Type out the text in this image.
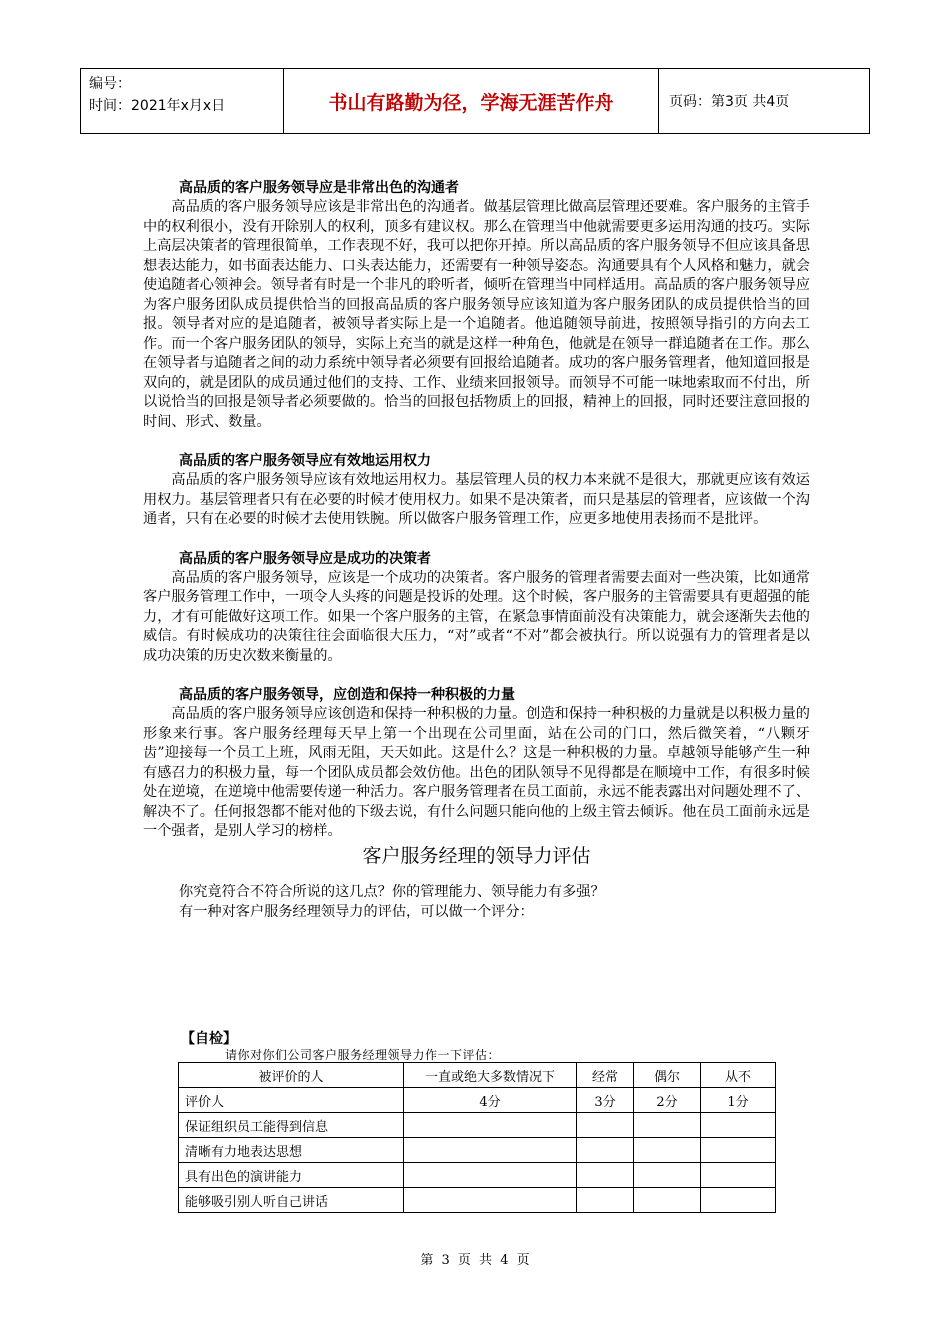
编号：
时间：2021年x月x日	书山有路勤为径，学海无涯苦作舟	页码：第3页 共4页

高品质的客户服务领导应是非常出色的沟通者

高品质的客户服务领导应该是非常出色的沟通者。做基层管理比做高层管理还要难。客户服务的主管手中的权利很小，没有开除别人的权利，顶多有建议权。那么在管理当中他就需要更多运用沟通的技巧。实际上高层决策者的管理很简单，工作表现不好，我可以把你开掉。所以高品质的客户服务领导不但应该具备思想表达能力，如书面表达能力、口头表达能力，还需要有一种领导姿态。沟通要具有个人风格和魅力，就会使追随者心领神会。领导者有时是一个非凡的聆听者，倾听在管理当中同样适用。高品质的客户服务领导应为客户服务团队成员提供恰当的回报高品质的客户服务领导应该知道为客户服务团队的成员提供恰当的回报。领导者对应的是追随者，被领导者实际上是一个追随者。他追随领导前进，按照领导指引的方向去工作。而一个客户服务团队的领导，实际上充当的就是这样一种角色，他就是在领导一群追随者在工作。那么在领导者与追随者之间的动力系统中领导者必须要有回报给追随者。成功的客户服务管理者，他知道回报是双向的，就是团队的成员通过他们的支持、工作、业绩来回报领导。而领导不可能一味地索取而不付出，所以说恰当的回报是领导者必须要做的。恰当的回报包括物质上的回报，精神上的回报，同时还要注意回报的时间、形式、数量。

高品质的客户服务领导应有效地运用权力

高品质的客户服务领导应该有效地运用权力。基层管理人员的权力本来就不是很大，那就更应该有效运用权力。基层管理者只有在必要的时候才使用权力。如果不是决策者，而只是基层的管理者，应该做一个沟通者，只有在必要的时候才去使用铁腕。所以做客户服务管理工作，应更多地使用表扬而不是批评。

高品质的客户服务领导应是成功的决策者

高品质的客户服务领导，应该是一个成功的决策者。客户服务的管理者需要去面对一些决策，比如通常客户服务管理工作中，一项令人头疼的问题是投诉的处理。这个时候，客户服务的主管需要具有更超强的能力，才有可能做好这项工作。如果一个客户服务的主管，在紧急事情面前没有决策能力，就会逐渐失去他的威信。有时候成功的决策往往会面临很大压力，“对”或者“不对”都会被执行。所以说强有力的管理者是以成功决策的历史次数来衡量的。

高品质的客户服务领导，应创造和保持一种积极的力量

高品质的客户服务领导应该创造和保持一种积极的力量。创造和保持一种积极的力量就是以积极力量的形象来行事。客户服务经理每天早上第一个出现在公司里面，站在公司的门口，然后微笑着，“八颗牙齿”迎接每一个员工上班，风雨无阻，天天如此。这是什么？这是一种积极的力量。卓越领导能够产生一种有感召力的积极力量，每一个团队成员都会效仿他。出色的团队领导不见得都是在顺境中工作，有很多时候处在逆境，在逆境中他需要传递一种活力。客户服务管理者在员工面前，永远不能表露出对问题处理不了、解决不了。任何报怨都不能对他的下级去说，有什么问题只能向他的上级主管去倾诉。他在员工面前永远是一个强者，是别人学习的榜样。

客户服务经理的领导力评估

你究竟符合不符合所说的这几点？你的管理能力、领导能力有多强？

有一种对客户服务经理领导力的评估，可以做一个评分：

【自检】
请你对你们公司客户服务经理领导力作一下评估：
被评价的人	一直或绝大多数情况下	经常	偶尔	从不
评价人	4分	3分	2分	1分
保证组织员工能得到信息				
清晰有力地表达思想				
具有出色的演讲能力				
能够吸引别人听自己讲话				
第 3 页 共 4 页
